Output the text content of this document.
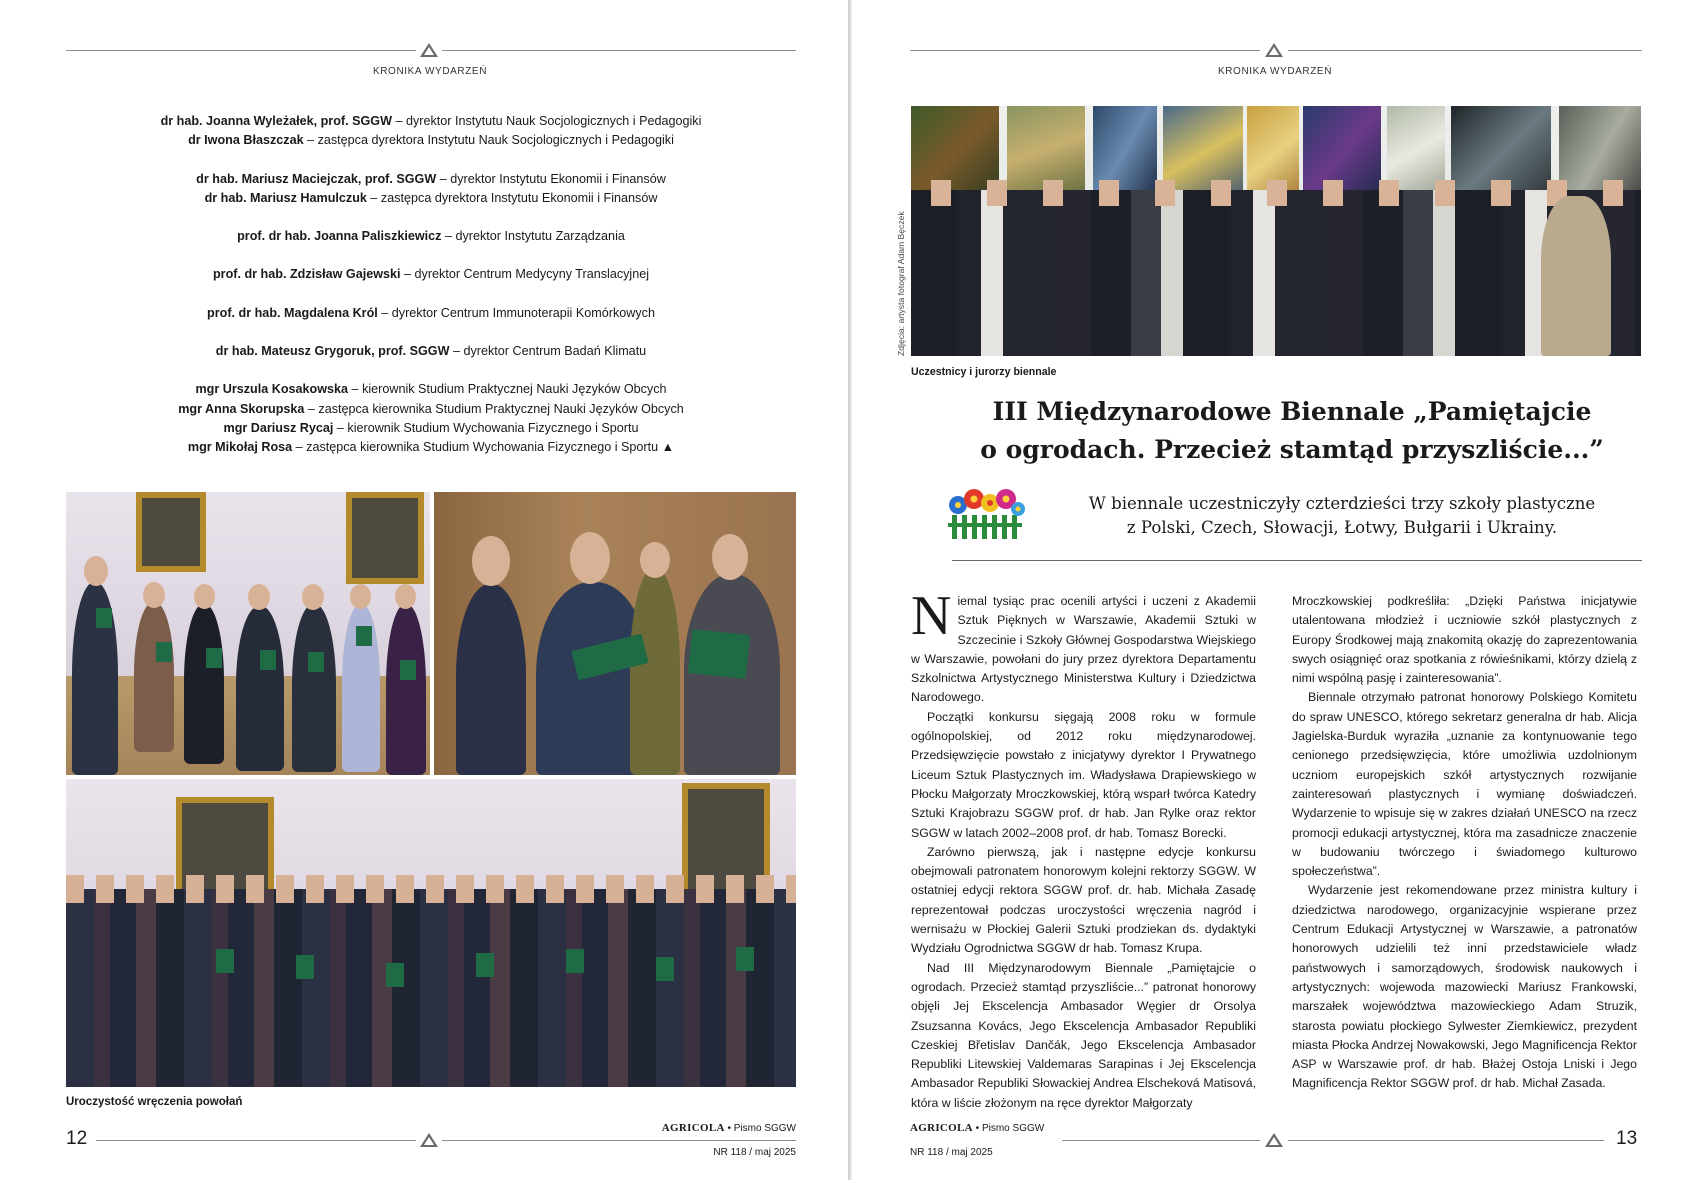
KRONIKA WYDARZEŃ
dr hab. Joanna Wyleżałek, prof. SGGW – dyrektor Instytutu Nauk Socjologicznych i Pedagogiki
dr Iwona Błaszczak – zastępca dyrektora Instytutu Nauk Socjologicznych i Pedagogiki
dr hab. Mariusz Maciejczak, prof. SGGW – dyrektor Instytutu Ekonomii i Finansów
dr hab. Mariusz Hamulczuk – zastępca dyrektora Instytutu Ekonomii i Finansów
prof. dr hab. Joanna Paliszkiewicz – dyrektor Instytutu Zarządzania
prof. dr hab. Zdzisław Gajewski – dyrektor Centrum Medycyny Translacyjnej
prof. dr hab. Magdalena Król – dyrektor Centrum Immunoterapii Komórkowych
dr hab. Mateusz Grygoruk, prof. SGGW – dyrektor Centrum Badań Klimatu
mgr Urszula Kosakowska – kierownik Studium Praktycznej Nauki Języków Obcych
mgr Anna Skorupska – zastępca kierownika Studium Praktycznej Nauki Języków Obcych
mgr Dariusz Rycaj – kierownik Studium Wychowania Fizycznego i Sportu
mgr Mikołaj Rosa – zastępca kierownika Studium Wychowania Fizycznego i Sportu ▲
Uroczystość wręczenia powołań
12	AGRICOLA • Pismo SGGW
NR 118 / maj 2025
KRONIKA WYDARZEŃ
Zdjęcia: artysta fotograf Adam Bęczek
Uczestnicy i jurorzy biennale
III Międzynarodowe Biennale „Pamiętajcie
o ogrodach. Przecież stamtąd przyszliście...”
W biennale uczestniczyły czterdzieści trzy szkoły plastyczne
z Polski, Czech, Słowacji, Łotwy, Bułgarii i Ukrainy.

Niemal tysiąc prac ocenili artyści i uczeni z Akademii Sztuk Pięknych w Warszawie, Akademii Sztuki w Szczecinie i Szkoły Głównej Gospodarstwa Wiejskiego w Warszawie, powołani do jury przez dyrektora Departamentu Szkolnictwa Artystycznego Ministerstwa Kultury i Dziedzictwa Narodowego.

Początki konkursu sięgają 2008 roku w formule ogólnopolskiej, od 2012 roku międzynarodowej. Przedsięwzięcie powstało z inicjatywy dyrektor I Prywatnego Liceum Sztuk Plastycznych im. Władysława Drapiewskiego w Płocku Małgorzaty Mroczkowskiej, którą wsparł twórca Katedry Sztuki Krajobrazu SGGW prof. dr hab. Jan Rylke oraz rektor SGGW w latach 2002–2008 prof. dr hab. Tomasz Borecki.

Zarówno pierwszą, jak i następne edycje konkursu obejmowali patronatem honorowym kolejni rektorzy SGGW. W ostatniej edycji rektora SGGW prof. dr. hab. Michała Zasadę reprezentował podczas uroczystości wręczenia nagród i wernisażu w Płockiej Galerii Sztuki prodziekan ds. dydaktyki Wydziału Ogrodnictwa SGGW dr hab. Tomasz Krupa.

Nad III Międzynarodowym Biennale „Pamiętajcie o ogrodach. Przecież stamtąd przyszliście...” patronat honorowy objęli Jej Ekscelencja Ambasador Węgier dr Orsolya Zsuzsanna Kovács, Jego Ekscelencja Ambasador Republiki Czeskiej Břetislav Dančák, Jego Ekscelencja Ambasador Republiki Litewskiej Valdemaras Sarapinas i Jej Ekscelencja Ambasador Republiki Słowackiej Andrea Elscheková Matisová, która w liście złożonym na ręce dyrektor Małgorzaty

Mroczkowskiej podkreśliła: „Dzięki Państwa inicjatywie utalentowana młodzież i uczniowie szkół plastycznych z Europy Środkowej mają znakomitą okazję do zaprezentowania swych osiągnięć oraz spotkania z rówieśnikami, którzy dzielą z nimi wspólną pasję i zainteresowania”.

Biennale otrzymało patronat honorowy Polskiego Komitetu do spraw UNESCO, którego sekretarz generalna dr hab. Alicja Jagielska-Burduk wyraziła „uznanie za kontynuowanie tego cenionego przedsięwzięcia, które umożliwia uzdolnionym uczniom europejskich szkół artystycznych rozwijanie zainteresowań plastycznych i wymianę doświadczeń. Wydarzenie to wpisuje się w zakres działań UNESCO na rzecz promocji edukacji artystycznej, która ma zasadnicze znaczenie w budowaniu twórczego i świadomego kulturowo społeczeństwa”.

Wydarzenie jest rekomendowane przez ministra kultury i dziedzictwa narodowego, organizacyjnie wspierane przez Centrum Edukacji Artystycznej w Warszawie, a patronatów honorowych udzielili też inni przedstawiciele władz państwowych i samorządowych, środowisk naukowych i artystycznych: wojewoda mazowiecki Mariusz Frankowski, marszałek województwa mazowieckiego Adam Struzik, starosta powiatu płockiego Sylwester Ziemkiewicz, prezydent miasta Płocka Andrzej Nowakowski, Jego Magnificencja Rektor ASP w Warszawie prof. dr hab. Błażej Ostoja Lniski i Jego Magnificencja Rektor SGGW prof. dr hab. Michał Zasada.

AGRICOLA • Pismo SGGW
NR 118 / maj 2025
13
